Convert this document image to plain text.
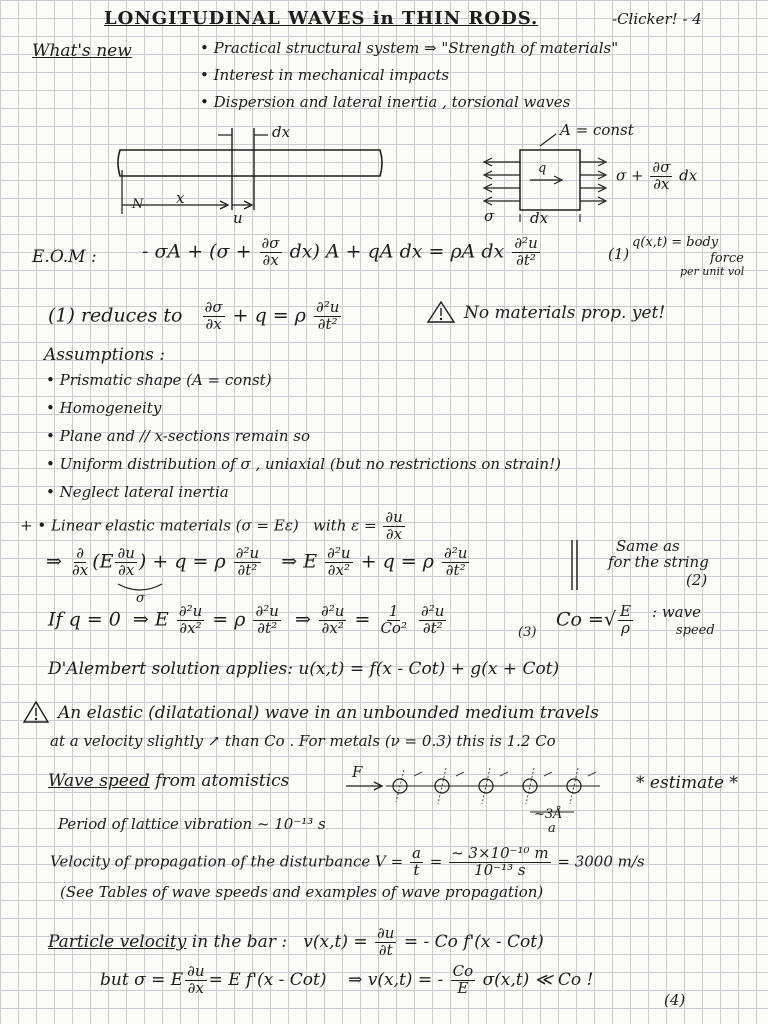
LONGITUDINAL WAVES in THIN RODS.	-Clicker! - 4
What's new	• Practical structural system ⇒ "Strength of materials"
• Interest in mechanical impacts
• Dispersion and lateral inertia , torsional waves
dx
x
u
N
A = const
q
σ dx
$\sigma + \frac{\partial\sigma}{\partial x}$ dx
E.O.M : - $\sigma A + (\sigma + \frac{\partial\sigma}{\partial x} dx)$ A + qA dx = ρA dx $\frac{\text{∂²u}}{\text{∂t²}}$	(1)
q(x,t) = body
force
per unit vol
(1) reduces to $\frac{\partial\sigma}{\partial x} + q = \rho \frac{\text{∂²u}}{\text{∂t²}}$	No materials prop. yet!
Assumptions :
• Prismatic shape (A = const)
• Homogeneity
• Plane and // x-sections remain so
• Uniform distribution of σ , uniaxial (but no restrictions on strain!)
• Neglect lateral inertia
+ • Linear elastic materials (σ = Eε) with $\varepsilon = \frac{\partial u}{\partial x}$
⇒ $\frac{\partial}{\partial x} (E \frac{\partial u}{\partial x}$ ) + q = ρ $\frac{\text{∂²u}}{\text{∂t²}}$ ⇒ E $\frac{\text{∂²u}}{\text{∂x²}} + q = \rho \frac{\text{∂²u}}{\text{∂t²}}$
σ
Same as
for the string
(2)
If q = 0 ⇒ E $\frac{\text{∂²u}}{\text{∂x²}} = \rho \frac{\text{∂²u}}{\text{∂t²}}$ ⇒ $\frac{\text{∂²u}}{\text{∂x²}} = \frac{1}{\text{Co²}}$
$\frac{\text{∂²u}}{\text{∂t²}}$	(3)
Co =√ $\frac{E}{\rho}$ : wave
speed
D'Alembert solution applies: u(x,t) = f(x - Cot) + g(x + Cot)
An elastic (dilatational) wave in an unbounded medium travels
at a velocity slightly ↗ than Co . For metals (ν = 0.3) this is 1.2 Co
Wave speed from atomistics	F
* estimate *
~3Å
a
Period of lattice vibration ~ 10⁻¹³ s
Velocity of propagation of the disturbance $V = \frac{a}{t} = \frac{\text{\textasciitilde{} 3×10⁻¹⁰ m}}{\text{10⁻¹³ s}} = 3000$ m/s
(See Tables of wave speeds and examples of wave propagation)
Particle velocity in the bar : $v(x,t) = \frac{\partial u}{\partial t}$ = - Co f'(x - Cot)
but σ = E $\frac{\partial u}{\partial x} = E$ f'(x - Cot) ⇒ v(x,t) = - $\frac{Co}{E} \sigma(x,t)$ ≪ Co !
(4)
